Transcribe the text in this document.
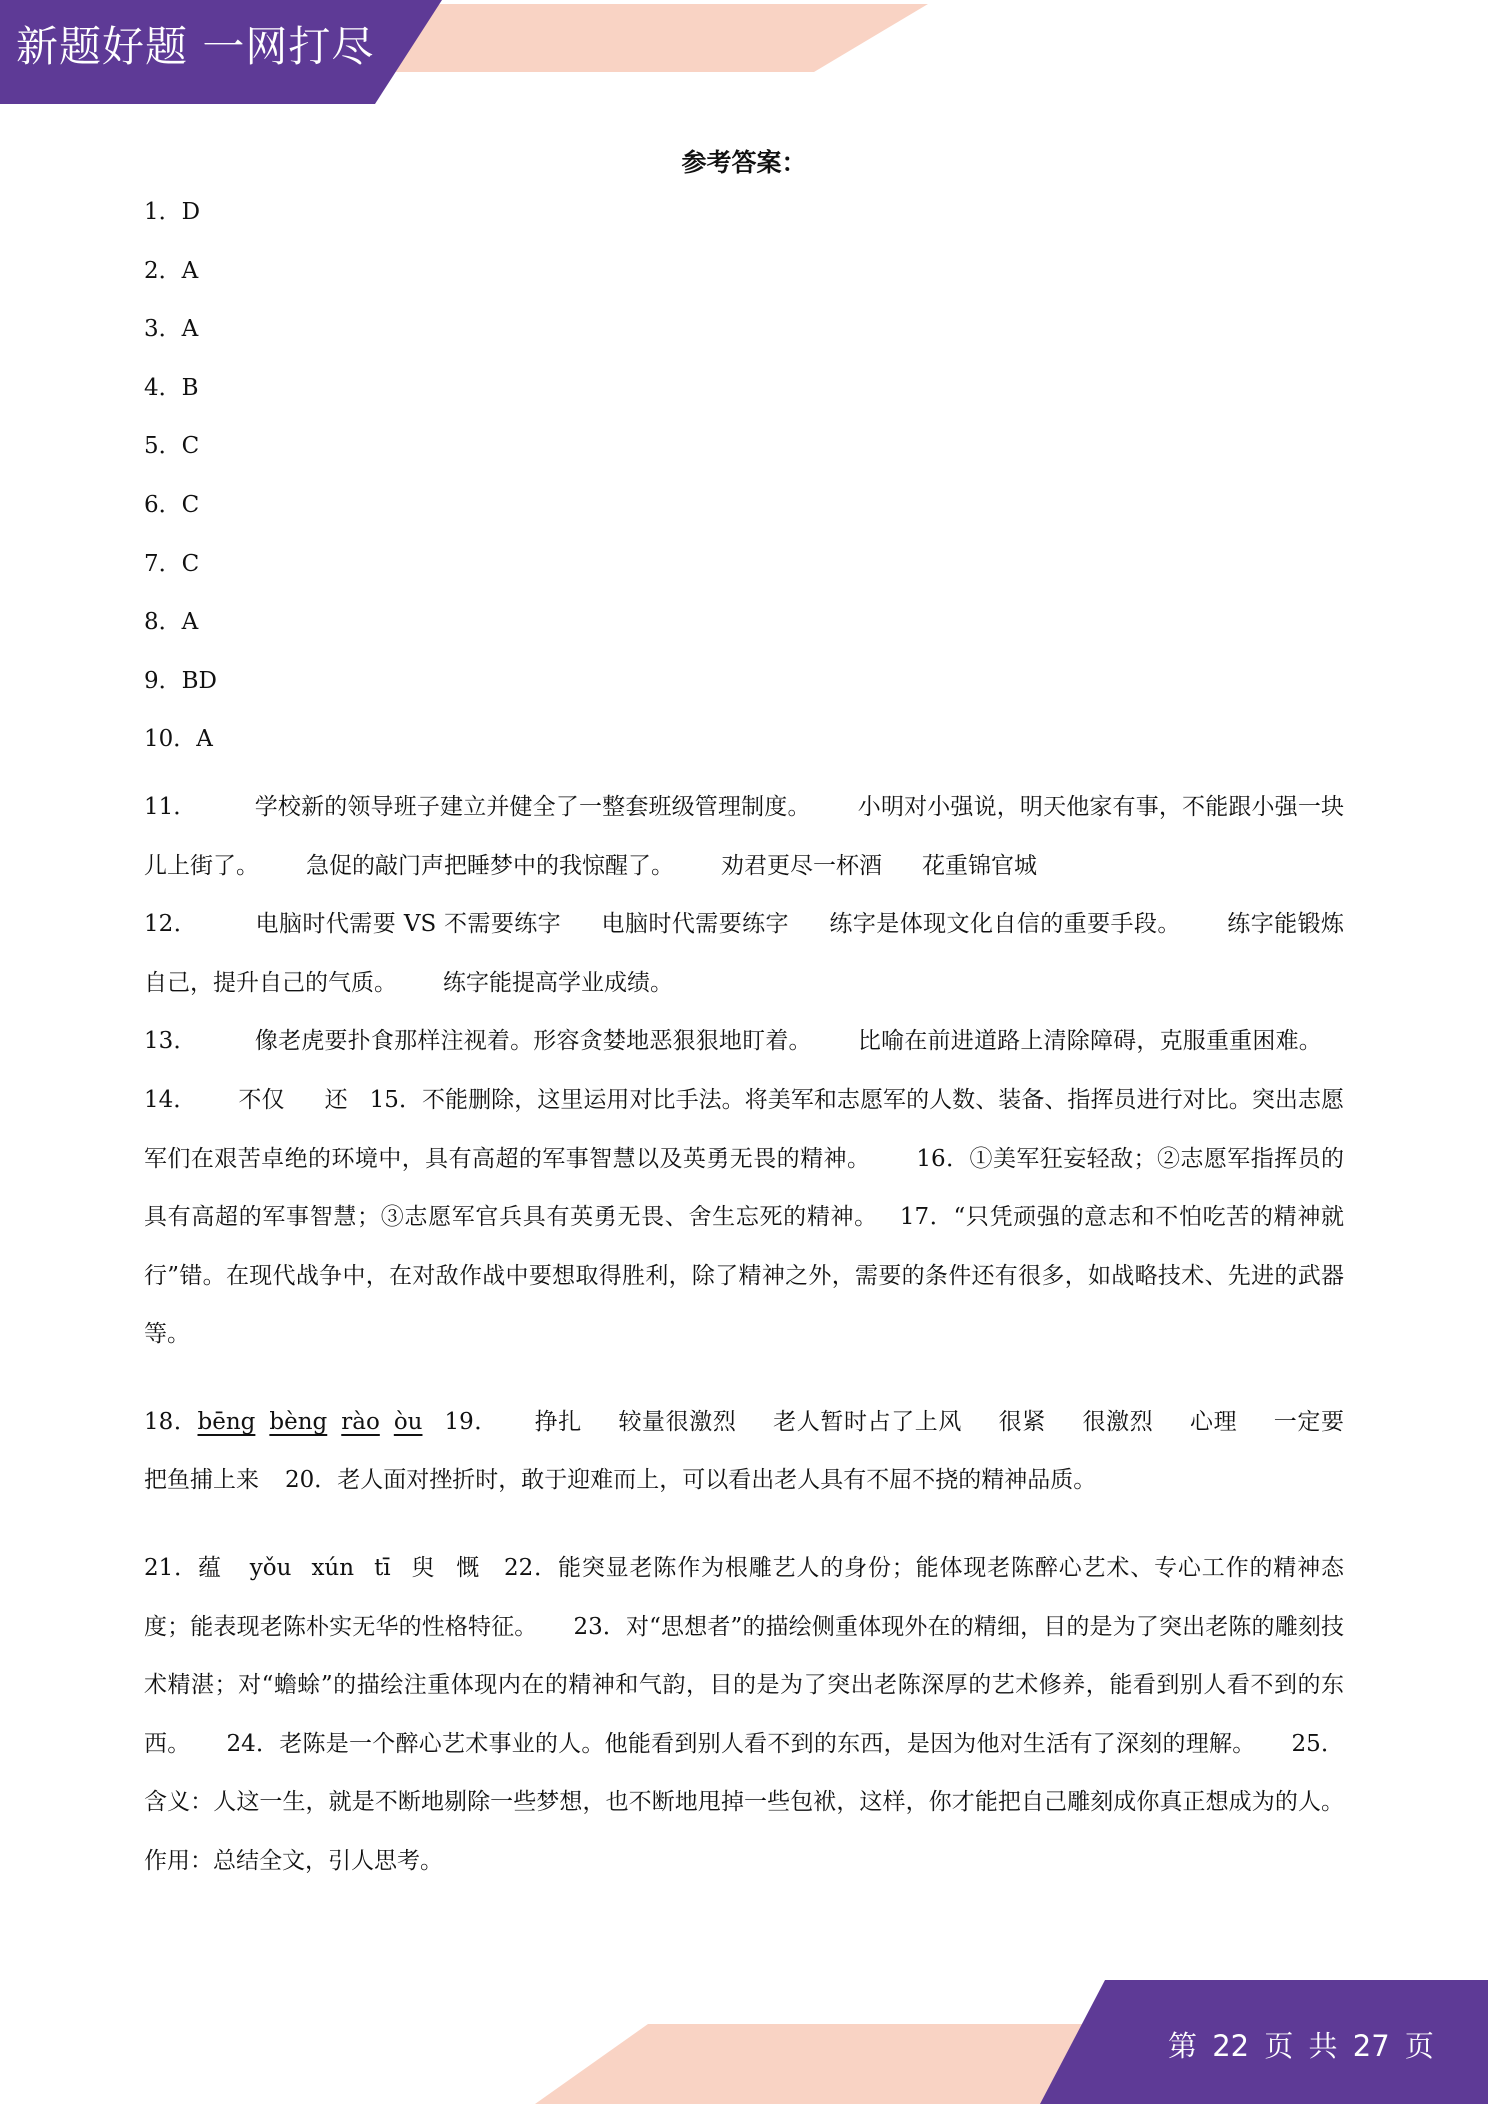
新题好题 一网打尽
参考答案：
1．D
2．A
3．A
4．B
5．C
6．C
7．C
8．A
9．BD
10．A
11．	学校新的领导班子建立并健全了一整套班级管理制度。 小明对小强说，明天他家有事，不能跟小强一块儿上街了。 急促的敲门声把睡梦中的我惊醒了。 劝君更尽一杯酒 花重锦官城
12．	电脑时代需要 VS 不需要练字 电脑时代需要练字 练字是体现文化自信的重要手段。 练字能锻炼自己，提升自己的气质。 练字能提高学业成绩。
13．	像老虎要扑食那样注视着。形容贪婪地恶狠狠地盯着。 比喻在前进道路上清除障碍，克服重重困难。14． 不仅 还 15．不能删除，这里运用对比手法。将美军和志愿军的人数、装备、指挥员进行对比。突出志愿军们在艰苦卓绝的环境中，具有高超的军事智慧以及英勇无畏的精神。 16．①美军狂妄轻敌；②志愿军指挥员的具有高超的军事智慧；③志愿军官兵具有英勇无畏、舍生忘死的精神。 17．“只凭顽强的意志和不怕吃苦的精神就行”错。在现代战争中，在对敌作战中要想取得胜利，除了精神之外，需要的条件还有很多，如战略技术、先进的武器等。
18．bēng bèng rào òu 19． 挣扎 较量很激烈 老人暂时占了上风 很紧 很激烈 心理 一定要把鱼捕上来 20．老人面对挫折时，敢于迎难而上，可以看出老人具有不屈不挠的精神品质。
21．蕴 yǒu xún tī 臾 慨 22．能突显老陈作为根雕艺人的身份；能体现老陈醉心艺术、专心工作的精神态度；能表现老陈朴实无华的性格特征。 23．对“思想者”的描绘侧重体现外在的精细，目的是为了突出老陈的雕刻技术精湛；对“蟾蜍”的描绘注重体现内在的精神和气韵，目的是为了突出老陈深厚的艺术修养，能看到别人看不到的东西。 24．老陈是一个醉心艺术事业的人。他能看到别人看不到的东西，是因为他对生活有了深刻的理解。 25．含义：人这一生，就是不断地剔除一些梦想，也不断地甩掉一些包袱，这样，你才能把自己雕刻成你真正想成为的人。作用：总结全文，引人思考。
第 22 页 共 27 页
